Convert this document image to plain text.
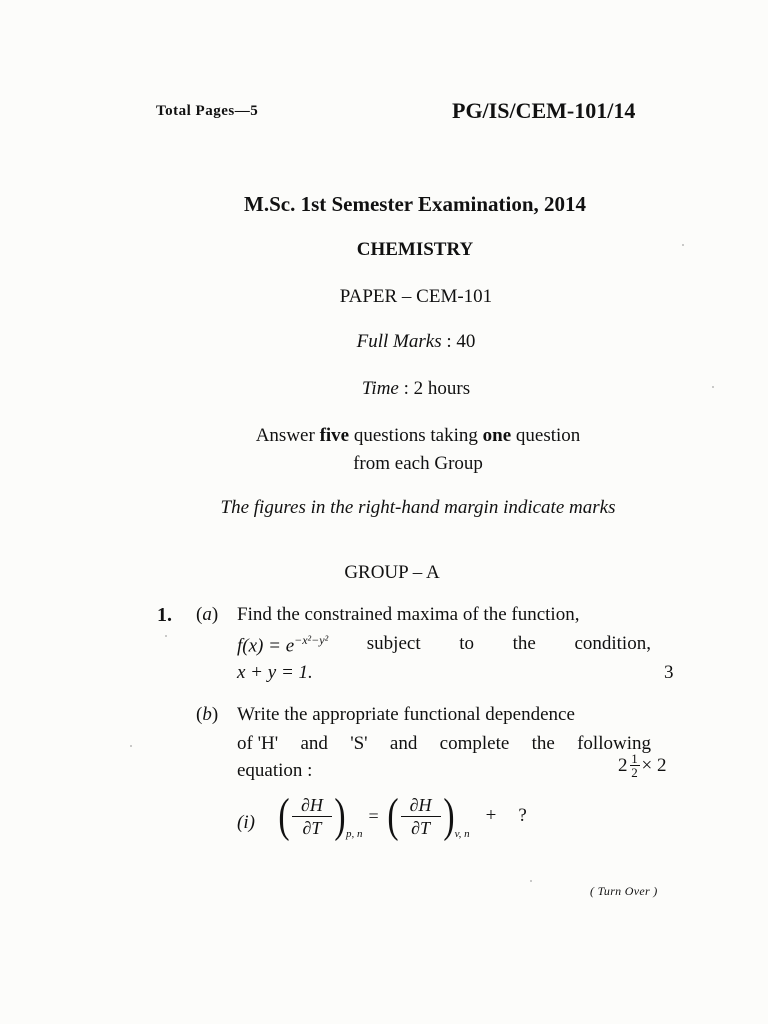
Total Pages—5	PG/IS/CEM-101/14
M.Sc. 1st Semester Examination, 2014
CHEMISTRY
PAPER – CEM-101
Full Marks : 40
Time : 2 hours
Answer five questions taking one question
from each Group
The figures in the right-hand margin indicate marks
GROUP – A
1. (a) Find the constrained maxima of the function,
$f(x) = e^{-x^2-y^2}$ subject to the condition,
x + y = 1.	3
(b) Write the appropriate functional dependence
of 'H' and 'S' and complete the following
equation :	$2 \frac{1}{2} \times 2$
(i) ( ∂H
∂T ) p, n
= ( ∂H
∂T ) v, n
+ ?
( Turn Over )
